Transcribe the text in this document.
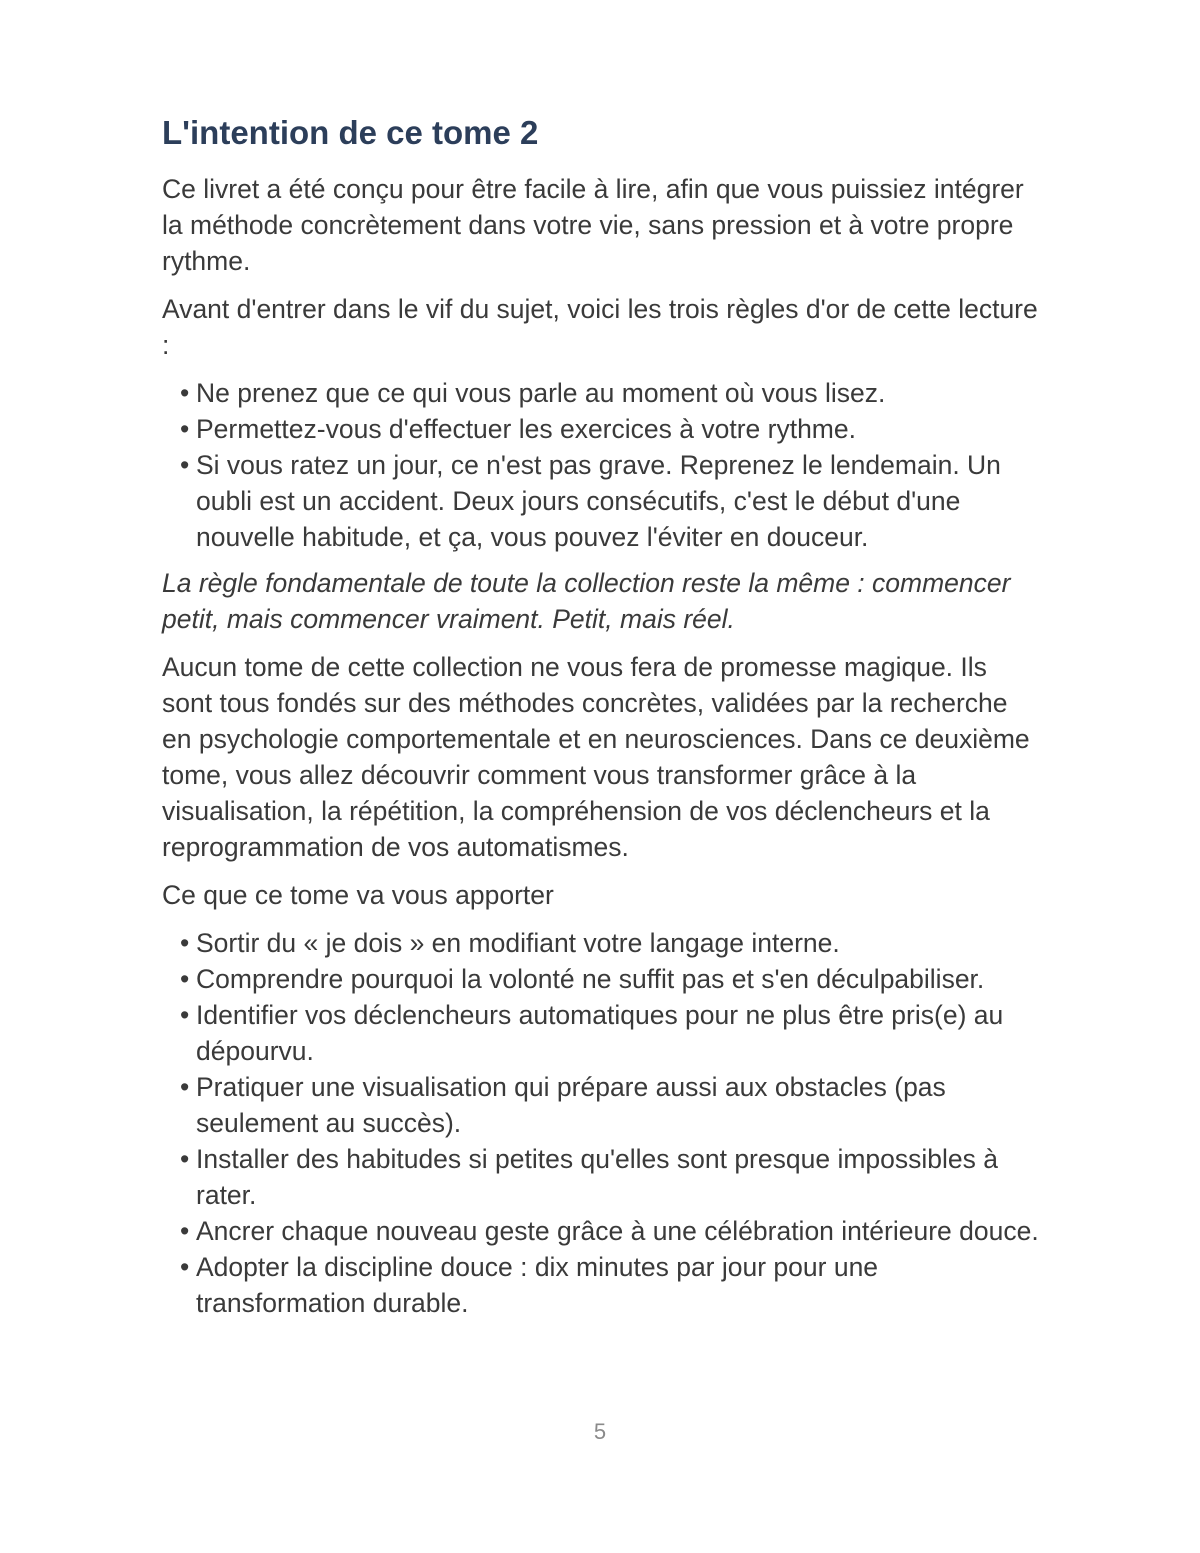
L'intention de ce tome 2

Ce livret a été conçu pour être facile à lire, afin que vous puissiez intégrer la méthode concrètement dans votre vie, sans pression et à votre propre rythme.

Avant d'entrer dans le vif du sujet, voici les trois règles d'or de cette lecture :

• Ne prenez que ce qui vous parle au moment où vous lisez.
• Permettez-vous d'effectuer les exercices à votre rythme.
• Si vous ratez un jour, ce n'est pas grave. Reprenez le lendemain. Un oubli est un accident. Deux jours consécutifs, c'est le début d'une nouvelle habitude, et ça, vous pouvez l'éviter en douceur.

La règle fondamentale de toute la collection reste la même : commencer petit, mais commencer vraiment. Petit, mais réel.

Aucun tome de cette collection ne vous fera de promesse magique. Ils sont tous fondés sur des méthodes concrètes, validées par la recherche en psychologie comportementale et en neurosciences. Dans ce deuxième tome, vous allez découvrir comment vous transformer grâce à la visualisation, la répétition, la compréhension de vos déclencheurs et la reprogrammation de vos automatismes.

Ce que ce tome va vous apporter

• Sortir du « je dois » en modifiant votre langage interne.
• Comprendre pourquoi la volonté ne suffit pas et s'en déculpabiliser.
• Identifier vos déclencheurs automatiques pour ne plus être pris(e) au dépourvu.
• Pratiquer une visualisation qui prépare aussi aux obstacles (pas seulement au succès).
• Installer des habitudes si petites qu'elles sont presque impossibles à rater.
• Ancrer chaque nouveau geste grâce à une célébration intérieure douce.
• Adopter la discipline douce : dix minutes par jour pour une transformation durable.
5
